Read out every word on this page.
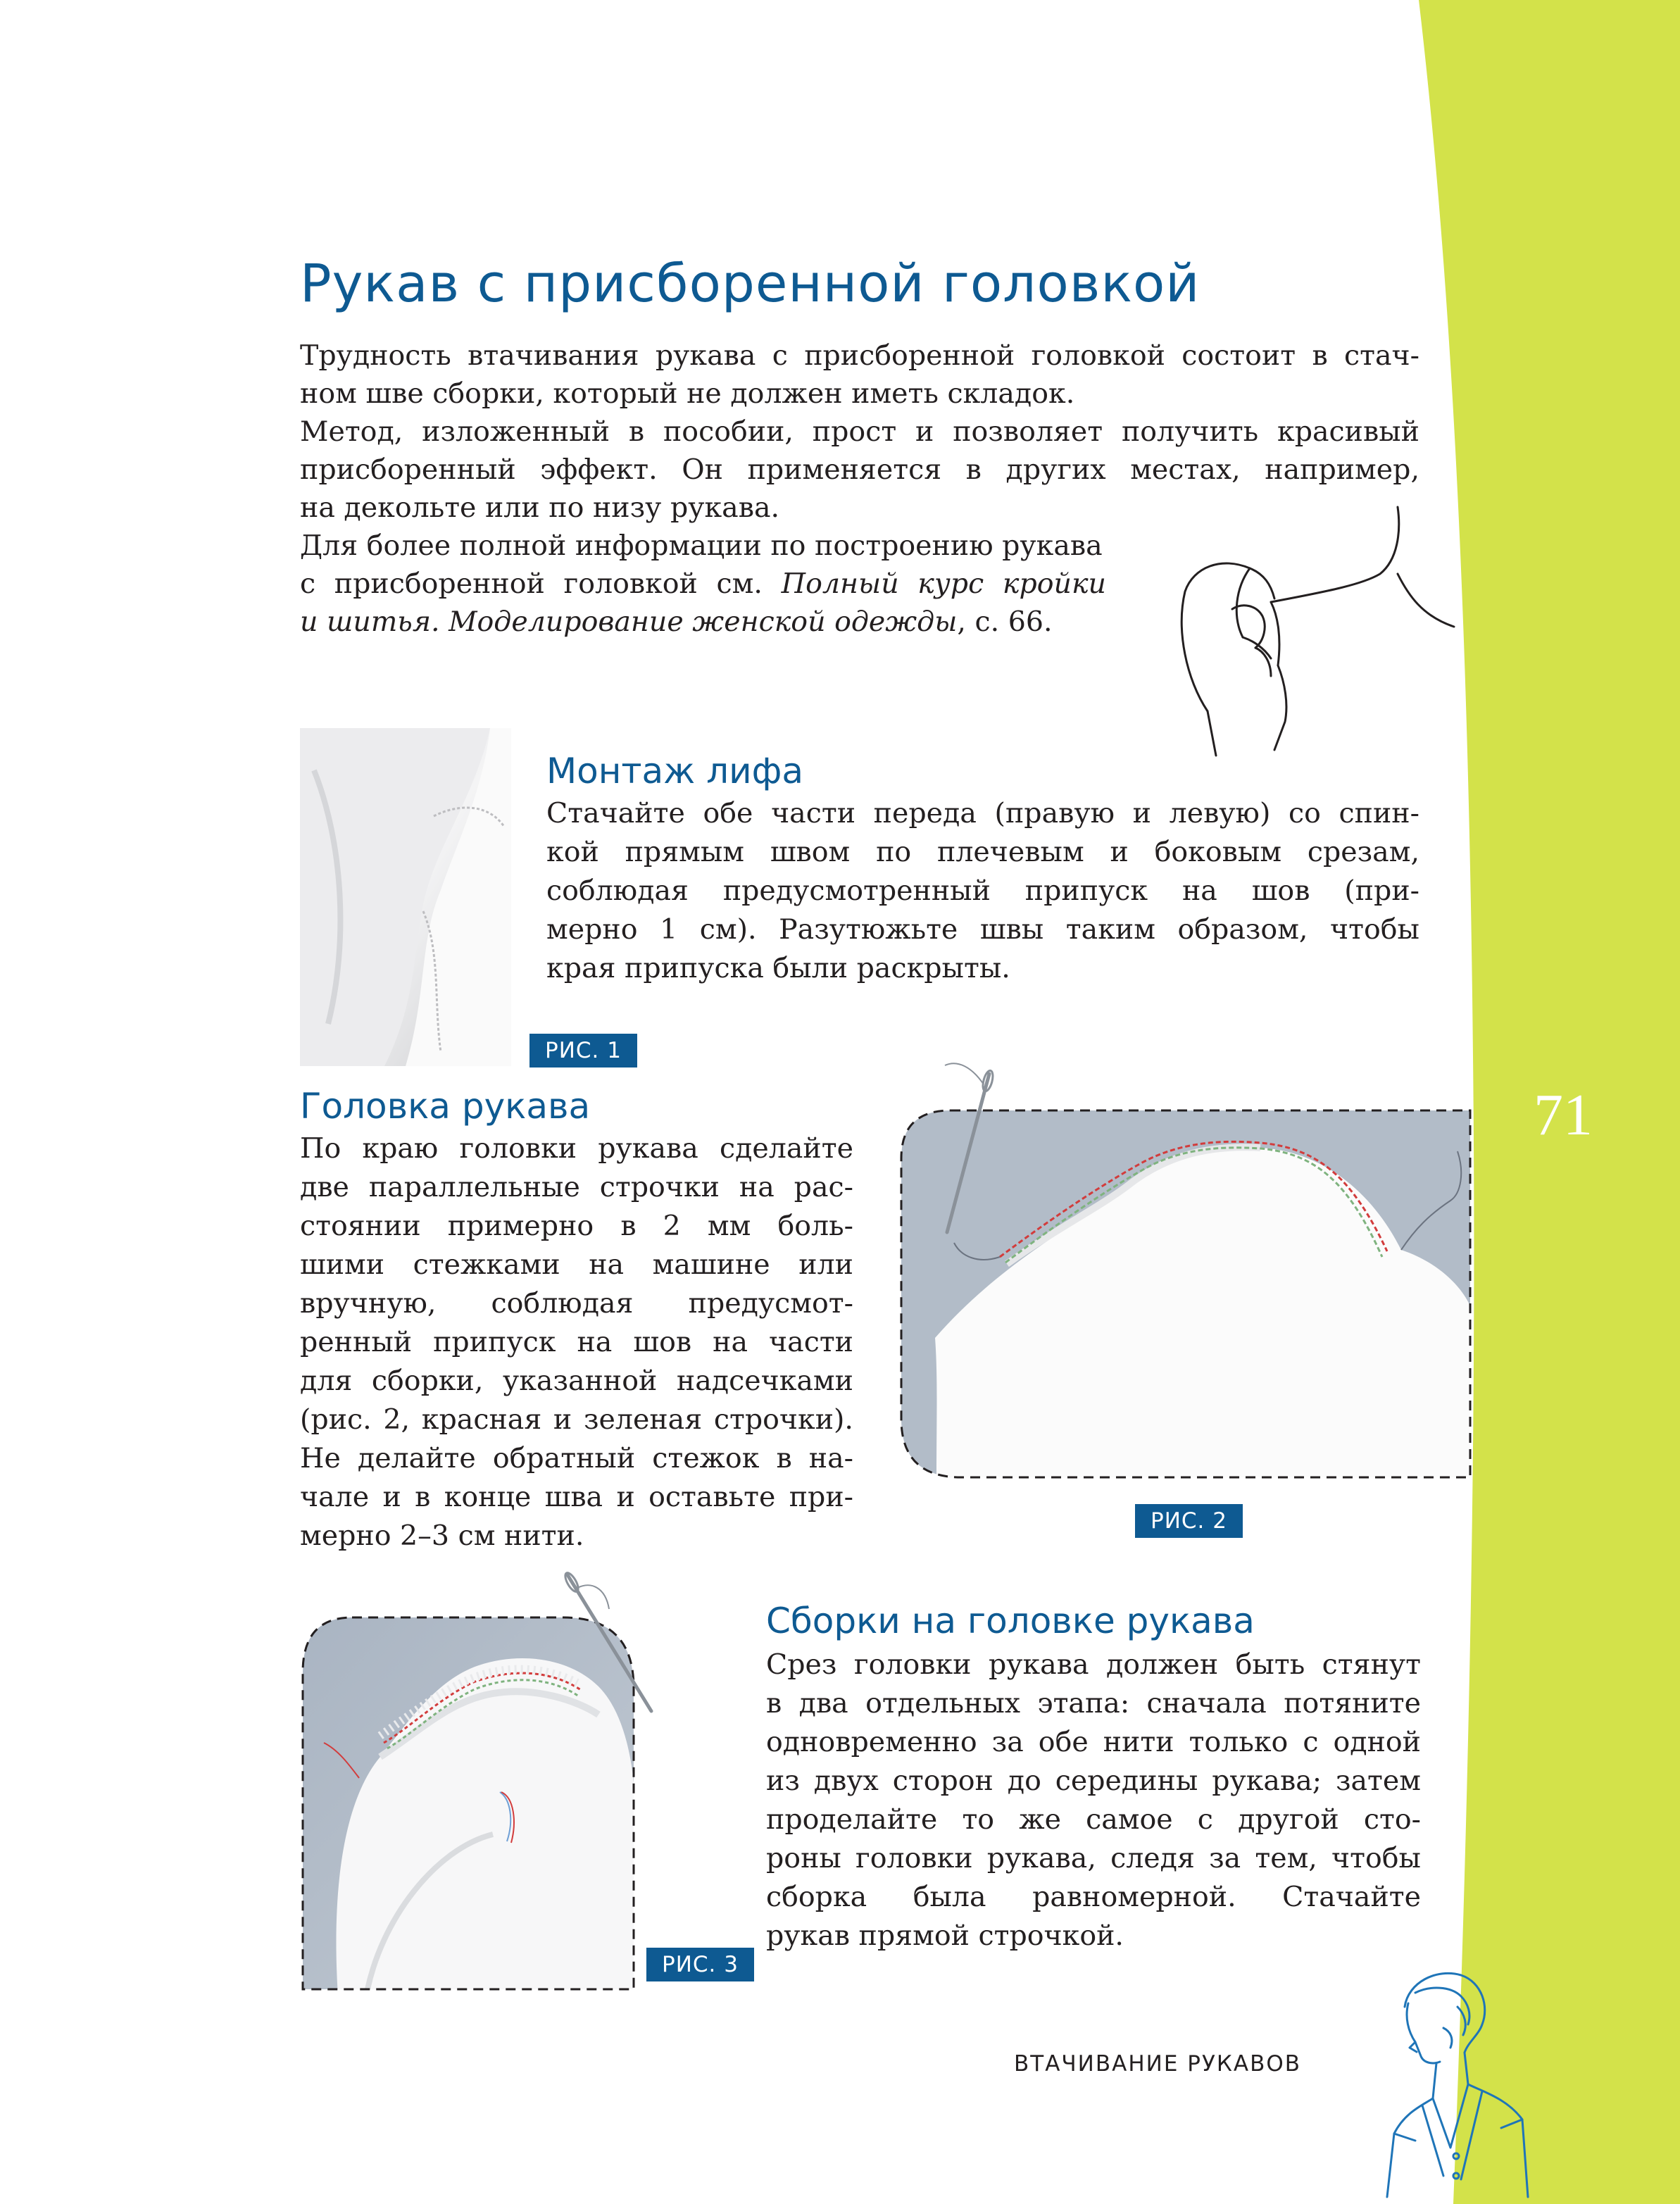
71
Рукав с присборенной головкой

Трудность втачивания рукава с присборенной головкой состоит в стач-

ном шве сборки, который не должен иметь складок.

Метод, изложенный в пособии, прост и позволяет получить красивый

присборенный эффект. Он применяется в других местах, например,

на декольте или по низу рукава.

Для более полной информации по построению рукава

с присборенной головкой см. Полный курс кройки

и шитья. Моделирование женской одежды, с. 66.

РИС. 1
Монтаж лифа

Стачайте обе части переда (правую и левую) со спин-

кой прямым швом по плечевым и боковым срезам,

соблюдая предусмотренный припуск на шов (при-

мерно 1 см). Разутюжьте швы таким образом, чтобы

края припуска были раскрыты.

Головка рукава

По краю головки рукава сделайте

две параллельные строчки на рас-

стоянии примерно в 2 мм боль-

шими стежками на машине или

вручную, соблюдая предусмот-

ренный припуск на шов на части

для сборки, указанной надсечками

(рис. 2, красная и зеленая строчки).

Не делайте обратный стежок в на-

чале и в конце шва и оставьте при-

мерно 2–3 см нити.	РИС. 2
РИС. 3
Сборки на головке рукава

Срез головки рукава должен быть стянут

в два отдельных этапа: сначала потяните

одновременно за обе нити только с одной

из двух сторон до середины рукава; затем

проделайте то же самое с другой сто-

роны головки рукава, следя за тем, чтобы

сборка была равномерной. Стачайте

рукав прямой строчкой.

ВТАЧИВАНИЕ РУКАВОВ
